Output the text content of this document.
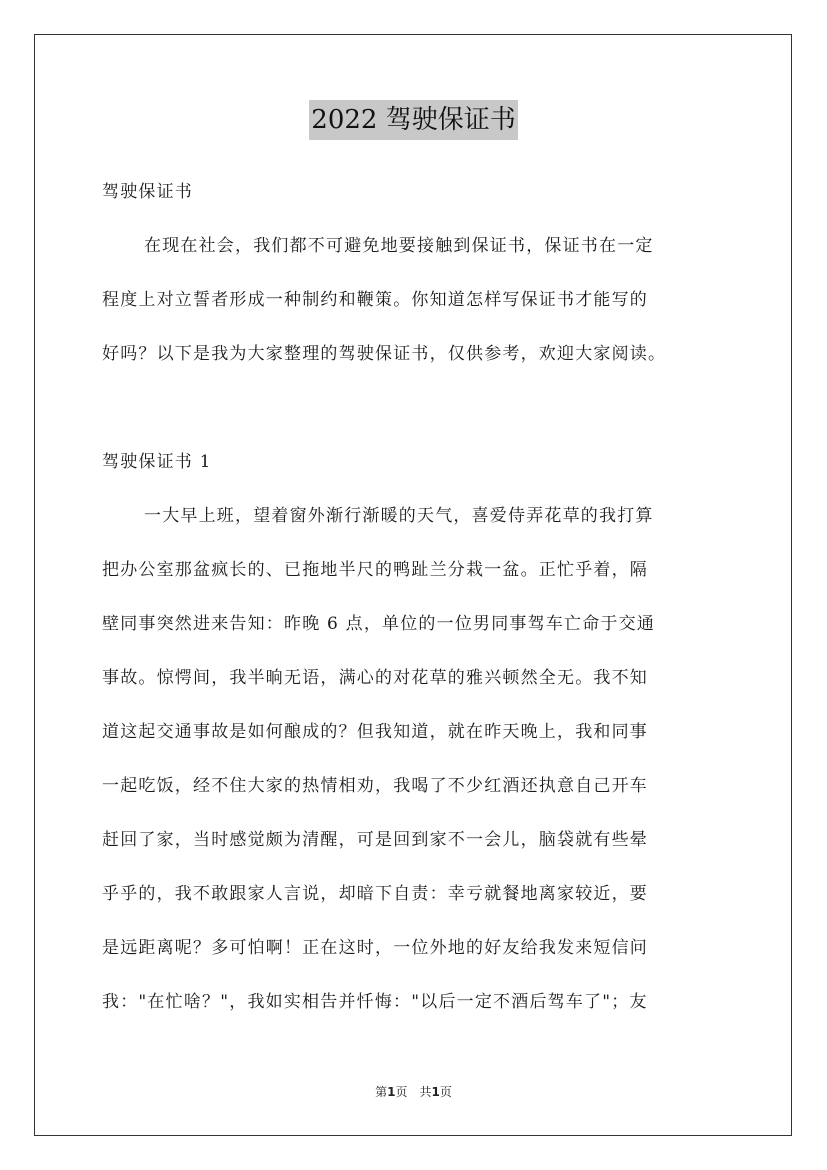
2022 驾驶保证书
驾驶保证书
在现在社会，我们都不可避免地要接触到保证书，保证书在一定
程度上对立誓者形成一种制约和鞭策。你知道怎样写保证书才能写的
好吗？以下是我为大家整理的驾驶保证书，仅供参考，欢迎大家阅读。
驾驶保证书 1
一大早上班，望着窗外渐行渐暖的天气，喜爱侍弄花草的我打算
把办公室那盆疯长的、已拖地半尺的鸭趾兰分栽一盆。正忙乎着，隔
壁同事突然进来告知：昨晚 6 点，单位的一位男同事驾车亡命于交通
事故。惊愕间，我半晌无语，满心的对花草的雅兴顿然全无。我不知
道这起交通事故是如何酿成的？但我知道，就在昨天晚上，我和同事
一起吃饭，经不住大家的热情相劝，我喝了不少红酒还执意自己开车
赶回了家，当时感觉颇为清醒，可是回到家不一会儿，脑袋就有些晕
乎乎的，我不敢跟家人言说，却暗下自责：幸亏就餐地离家较近，要
是远距离呢？多可怕啊！正在这时，一位外地的好友给我发来短信问
我："在忙啥？"，我如实相告并忏悔："以后一定不酒后驾车了"；友
第1页　共1页
